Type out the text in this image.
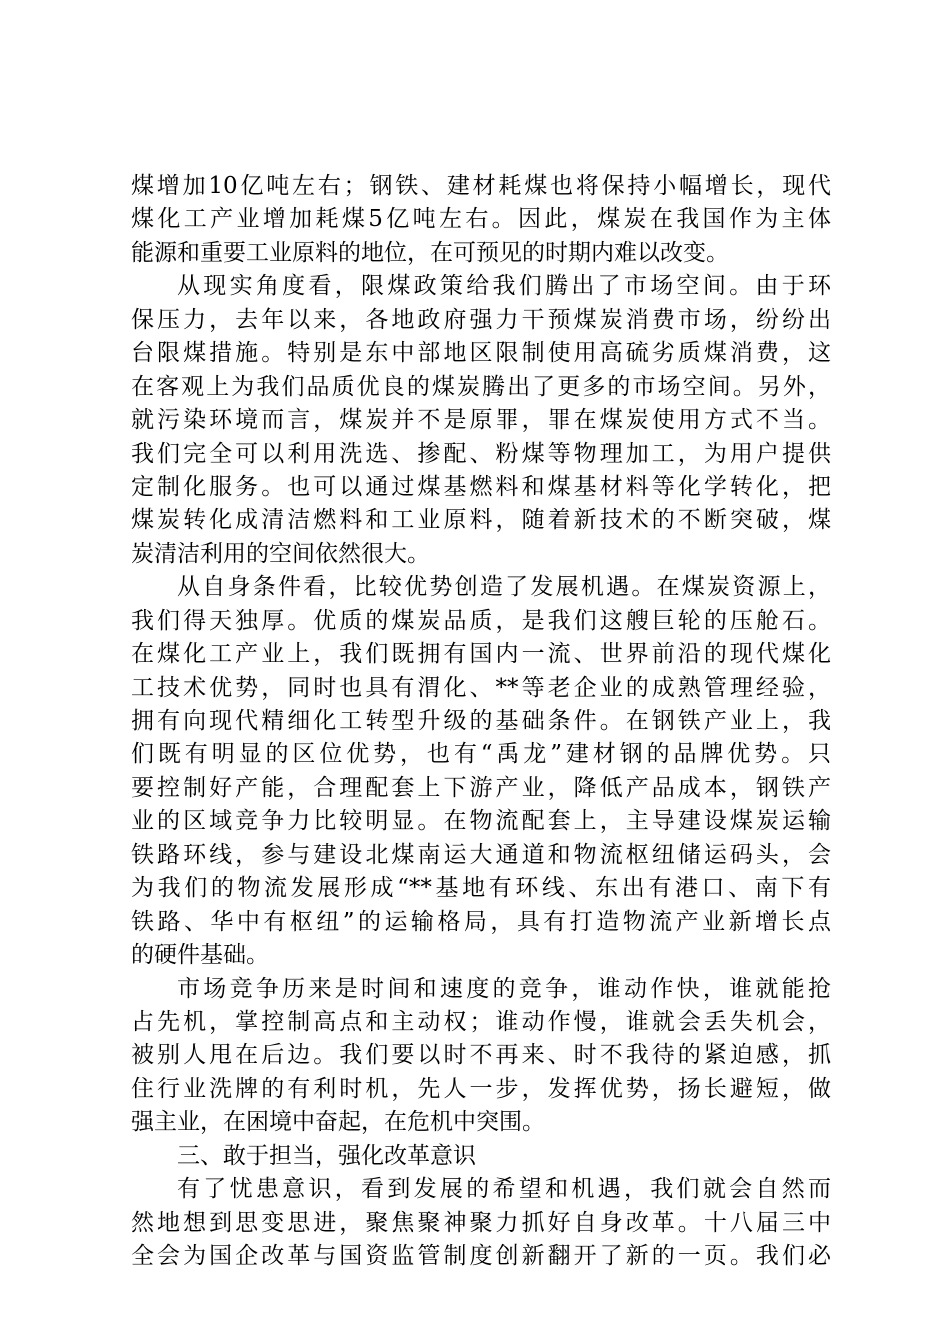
煤增加10亿吨左右；钢铁、建材耗煤也将保持小幅增长，现代
煤化工产业增加耗煤5亿吨左右。因此，煤炭在我国作为主体
能源和重要工业原料的地位，在可预见的时期内难以改变。
从现实角度看，限煤政策给我们腾出了市场空间。由于环
保压力，去年以来，各地政府强力干预煤炭消费市场，纷纷出
台限煤措施。特别是东中部地区限制使用高硫劣质煤消费，这
在客观上为我们品质优良的煤炭腾出了更多的市场空间。另外，
就污染环境而言，煤炭并不是原罪，罪在煤炭使用方式不当。
我们完全可以利用洗选、掺配、粉煤等物理加工，为用户提供
定制化服务。也可以通过煤基燃料和煤基材料等化学转化，把
煤炭转化成清洁燃料和工业原料，随着新技术的不断突破，煤
炭清洁利用的空间依然很大。
从自身条件看，比较优势创造了发展机遇。在煤炭资源上，
我们得天独厚。优质的煤炭品质，是我们这艘巨轮的压舱石。
在煤化工产业上，我们既拥有国内一流、世界前沿的现代煤化
工技术优势，同时也具有渭化、**等老企业的成熟管理经验，
拥有向现代精细化工转型升级的基础条件。在钢铁产业上，我
们既有明显的区位优势，也有“禹龙”建材钢的品牌优势。只
要控制好产能，合理配套上下游产业，降低产品成本，钢铁产
业的区域竞争力比较明显。在物流配套上，主导建设煤炭运输
铁路环线，参与建设北煤南运大通道和物流枢纽储运码头，会
为我们的物流发展形成“**基地有环线、东出有港口、南下有
铁路、华中有枢纽”的运输格局，具有打造物流产业新增长点
的硬件基础。
市场竞争历来是时间和速度的竞争，谁动作快，谁就能抢
占先机，掌控制高点和主动权；谁动作慢，谁就会丢失机会，
被别人甩在后边。我们要以时不再来、时不我待的紧迫感，抓
住行业洗牌的有利时机，先人一步，发挥优势，扬长避短，做
强主业，在困境中奋起，在危机中突围。
三、敢于担当，强化改革意识
有了忧患意识，看到发展的希望和机遇，我们就会自然而
然地想到思变思进，聚焦聚神聚力抓好自身改革。十八届三中
全会为国企改革与国资监管制度创新翻开了新的一页。我们必
